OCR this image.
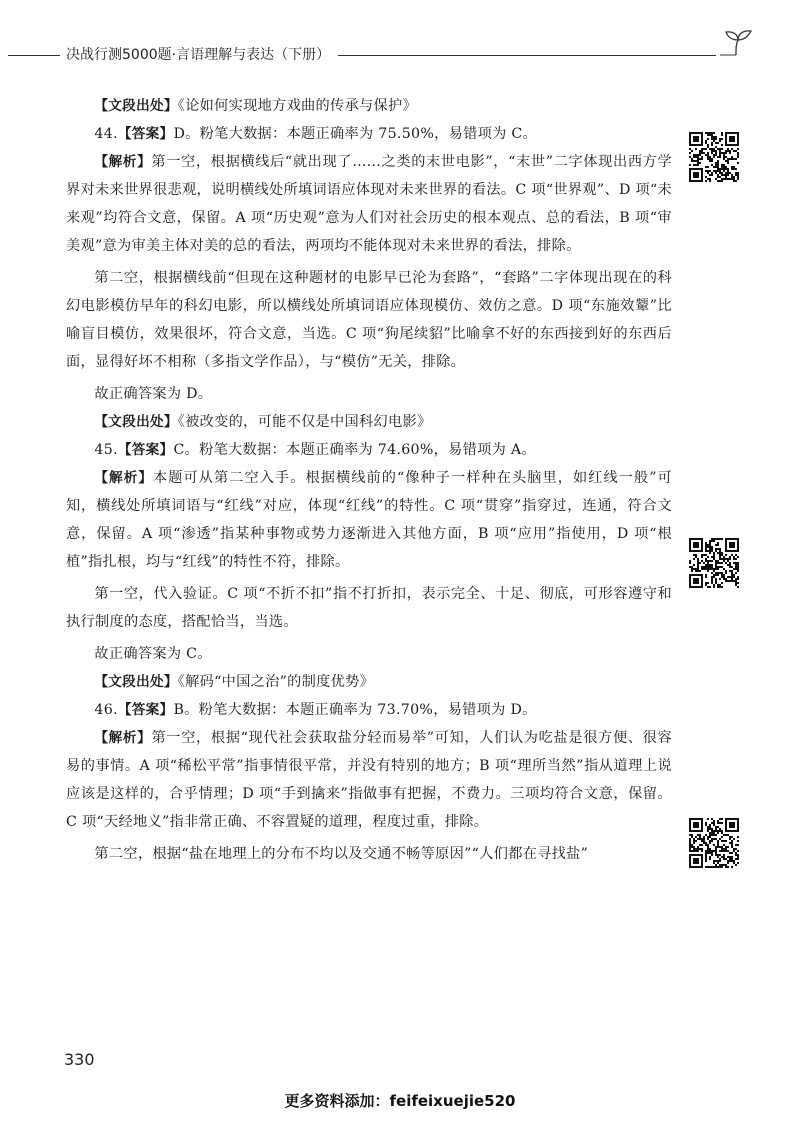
决战行测5000题·言语理解与表达（下册）

【文段出处】《论如何实现地方戏曲的传承与保护》

44.【答案】D。粉笔大数据：本题正确率为 75.50%，易错项为 C。

【解析】第一空，根据横线后“就出现了……之类的末世电影”，“末世”二字体现出西方学界对未来世界很悲观，说明横线处所填词语应体现对未来世界的看法。C 项“世界观”、D 项“未来观”均符合文意，保留。A 项“历史观”意为人们对社会历史的根本观点、总的看法，B 项“审美观”意为审美主体对美的总的看法，两项均不能体现对未来世界的看法，排除。

第二空，根据横线前“但现在这种题材的电影早已沦为套路”，“套路”二字体现出现在的科幻电影模仿早年的科幻电影，所以横线处所填词语应体现模仿、效仿之意。D 项“东施效颦”比喻盲目模仿，效果很坏，符合文意，当选。C 项“狗尾续貂”比喻拿不好的东西接到好的东西后面，显得好坏不相称（多指文学作品），与“模仿”无关，排除。

故正确答案为 D。

【文段出处】《被改变的，可能不仅是中国科幻电影》

45.【答案】C。粉笔大数据：本题正确率为 74.60%，易错项为 A。

【解析】本题可从第二空入手。根据横线前的“像种子一样种在头脑里，如红线一般”可知，横线处所填词语与“红线”对应，体现“红线”的特性。C 项“贯穿”指穿过，连通，符合文意，保留。A 项“渗透”指某种事物或势力逐渐进入其他方面，B 项“应用”指使用，D 项“根植”指扎根，均与“红线”的特性不符，排除。

第一空，代入验证。C 项“不折不扣”指不打折扣，表示完全、十足、彻底，可形容遵守和执行制度的态度，搭配恰当，当选。

故正确答案为 C。

【文段出处】《解码“中国之治”的制度优势》

46.【答案】B。粉笔大数据：本题正确率为 73.70%，易错项为 D。

【解析】第一空，根据“现代社会获取盐分轻而易举”可知，人们认为吃盐是很方便、很容易的事情。A 项“稀松平常”指事情很平常，并没有特别的地方；B 项“理所当然”指从道理上说应该是这样的，合乎情理；D 项“手到擒来”指做事有把握，不费力。三项均符合文意，保留。C 项“天经地义”指非常正确、不容置疑的道理，程度过重，排除。

第二空，根据“盐在地理上的分布不均以及交通不畅等原因”“人们都在寻找盐”

330
更多资料添加：feifeixuejie520
